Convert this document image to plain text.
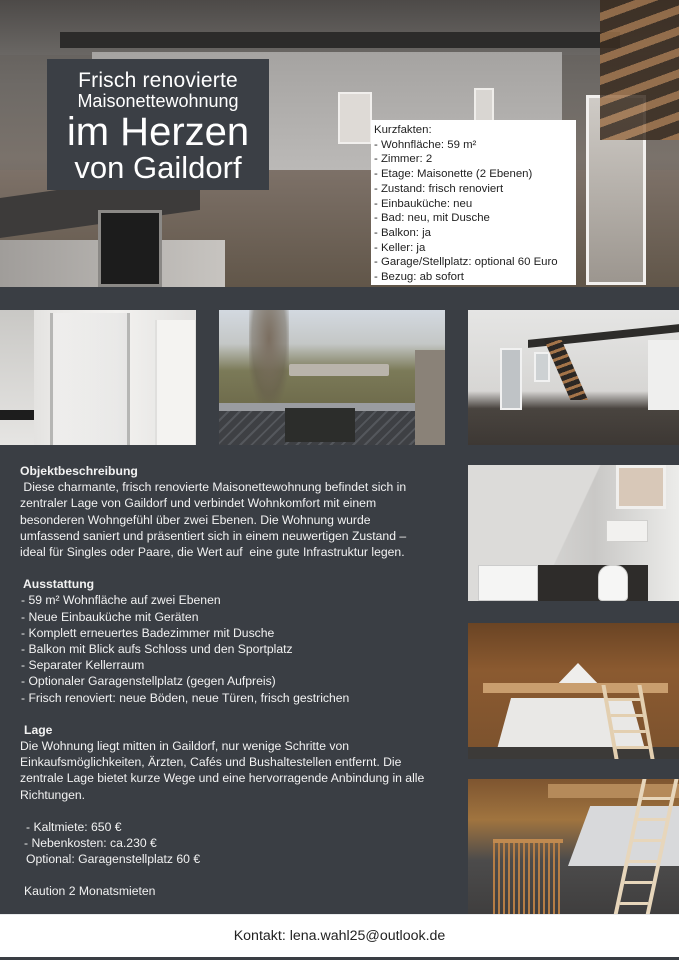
Frisch renovierte
Maisonettewohnung
im Herzen
von Gaildorf
Kurzfakten:
- Wohnfläche: 59 m²
- Zimmer: 2
- Etage: Maisonette (2 Ebenen)
- Zustand: frisch renoviert
- Einbauküche: neu
- Bad: neu, mit Dusche
- Balkon: ja
- Keller: ja
- Garage/Stellplatz: optional 60 Euro
- Bezug: ab sofort
Objektbeschreibung
Diese charmante, frisch renovierte Maisonettewohnung befindet sich in
zentraler Lage von Gaildorf und verbindet Wohnkomfort mit einem
besonderen Wohngefühl über zwei Ebenen. Die Wohnung wurde
umfassend saniert und präsentiert sich in einem neuwertigen Zustand –
ideal für Singles oder Paare, die Wert auf  eine gute Infrastruktur legen.
Ausstattung
- 59 m² Wohnfläche auf zwei Ebenen
- Neue Einbauküche mit Geräten
- Komplett erneuertes Badezimmer mit Dusche
- Balkon mit Blick aufs Schloss und den Sportplatz
- Separater Kellerraum
- Optionaler Garagenstellplatz (gegen Aufpreis)
- Frisch renoviert: neue Böden, neue Türen, frisch gestrichen
Lage
Die Wohnung liegt mitten in Gaildorf, nur wenige Schritte von
Einkaufsmöglichkeiten, Ärzten, Cafés und Bushaltestellen entfernt. Die
zentrale Lage bietet kurze Wege und eine hervorragende Anbindung in alle
Richtungen.
- Kaltmiete: 650 €
- Nebenkosten: ca.230 €
Optional: Garagenstellplatz 60 €
Kaution 2 Monatsmieten
Kontakt: lena.wahl25@outlook.de
